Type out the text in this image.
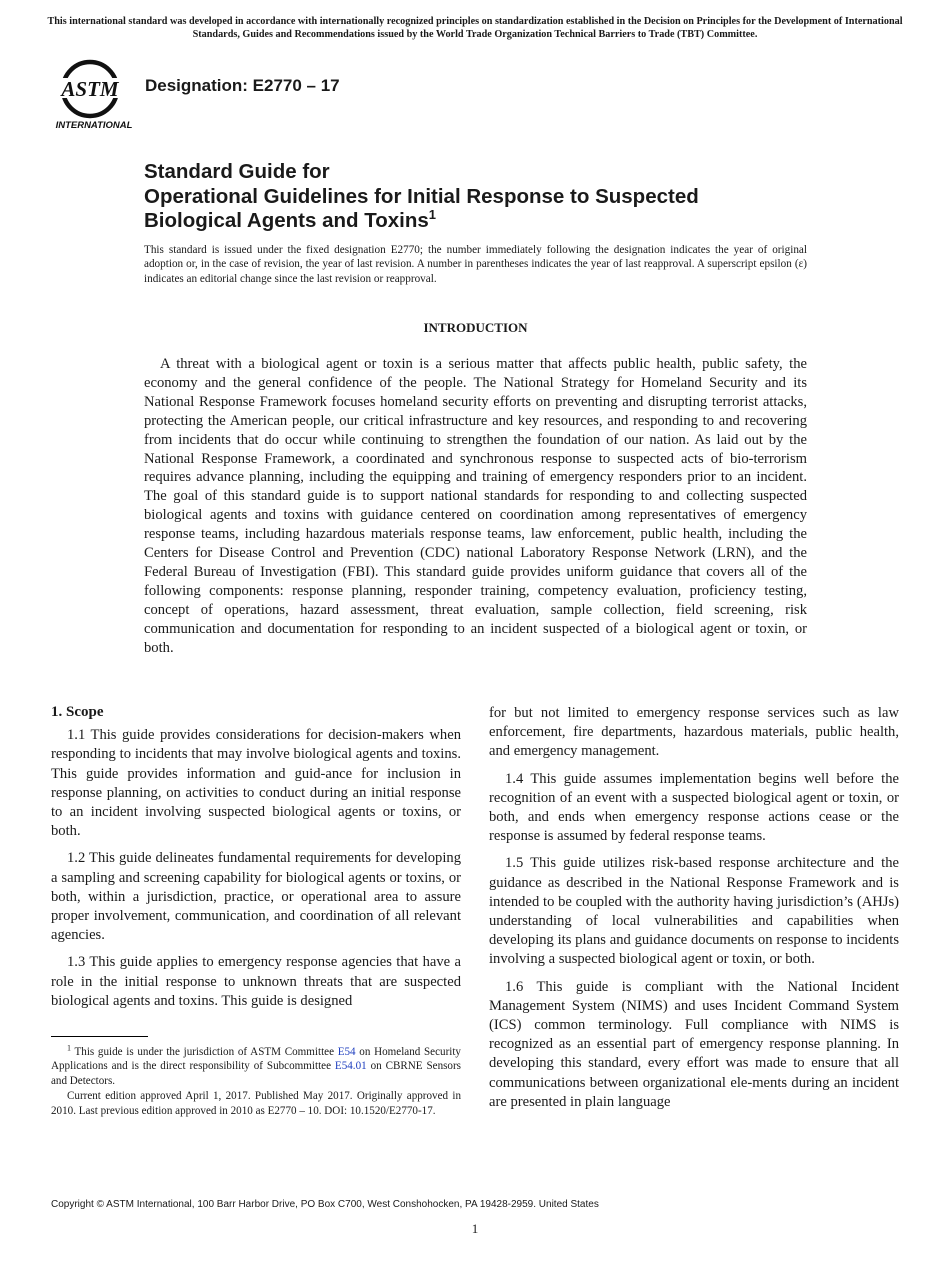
This international standard was developed in accordance with internationally recognized principles on standardization established in the Decision on Principles for the Development of International Standards, Guides and Recommendations issued by the World Trade Organization Technical Barriers to Trade (TBT) Committee.
ASTM
INTERNATIONAL
Designation: E2770 – 17
Standard Guide for
Operational Guidelines for Initial Response to Suspected
Biological Agents and Toxins$^1$
This standard is issued under the fixed designation E2770; the number immediately following the designation indicates the year of original adoption or, in the case of revision, the year of last revision. A number in parentheses indicates the year of last reapproval. A superscript epsilon (ε) indicates an editorial change since the last revision or reapproval.
INTRODUCTION

A threat with a biological agent or toxin is a serious matter that affects public health, public safety, the economy and the general confidence of the people. The National Strategy for Homeland Security and its National Response Framework focuses homeland security efforts on preventing and disrupting terrorist attacks, protecting the American people, our critical infrastructure and key resources, and responding to and recovering from incidents that do occur while continuing to strengthen the foundation of our nation. As laid out by the National Response Framework, a coordinated and synchronous response to suspected acts of bio-terrorism requires advance planning, including the equipping and training of emergency responders prior to an incident. The goal of this standard guide is to support national standards for responding to and collecting suspected biological agents and toxins with guidance centered on coordination among representatives of emergency response teams, including hazardous materials response teams, law enforcement, public health, including the Centers for Disease Control and Prevention (CDC) national Laboratory Response Network (LRN), and the Federal Bureau of Investigation (FBI). This standard guide provides uniform guidance that covers all of the following components: response planning, responder training, competency evaluation, proficiency testing, concept of operations, hazard assessment, threat evaluation, sample collection, field screening, risk communication and documentation for responding to an incident suspected of a biological agent or toxin, or both.

1. Scope

1.1 This guide provides considerations for decision-makers when responding to incidents that may involve biological agents and toxins. This guide provides information and guid-ance for inclusion in response planning, on activities to conduct during an initial response to an incident involving suspected biological agents or toxins, or both.

1.2 This guide delineates fundamental requirements for developing a sampling and screening capability for biological agents or toxins, or both, within a jurisdiction, practice, or operational area to assure proper involvement, communication, and coordination of all relevant agencies.

1.3 This guide applies to emergency response agencies that have a role in the initial response to unknown threats that are suspected biological agents and toxins. This guide is designed

for but not limited to emergency response services such as law enforcement, fire departments, hazardous materials, public health, and emergency management.

1.4 This guide assumes implementation begins well before the recognition of an event with a suspected biological agent or toxin, or both, and ends when emergency response actions cease or the response is assumed by federal response teams.

1.5 This guide utilizes risk-based response architecture and the guidance as described in the National Response Framework and is intended to be coupled with the authority having jurisdiction’s (AHJs) understanding of local vulnerabilities and capabilities when developing its plans and guidance documents on response to incidents involving a suspected biological agent or toxin, or both.

1.6 This guide is compliant with the National Incident Management System (NIMS) and uses Incident Command System (ICS) common terminology. Full compliance with NIMS is recognized as an essential part of emergency response planning. In developing this standard, every effort was made to ensure that all communications between organizational ele-ments during an incident are presented in plain language

$^1$ This guide is under the jurisdiction of ASTM Committee E54 on Homeland Security Applications and is the direct responsibility of Subcommittee E54.01 on CBRNE Sensors and Detectors.

Current edition approved April 1, 2017. Published May 2017. Originally approved in 2010. Last previous edition approved in 2010 as E2770 – 10. DOI: 10.1520/E2770-17.

Copyright © ASTM International, 100 Barr Harbor Drive, PO Box C700, West Conshohocken, PA 19428-2959. United States
1
